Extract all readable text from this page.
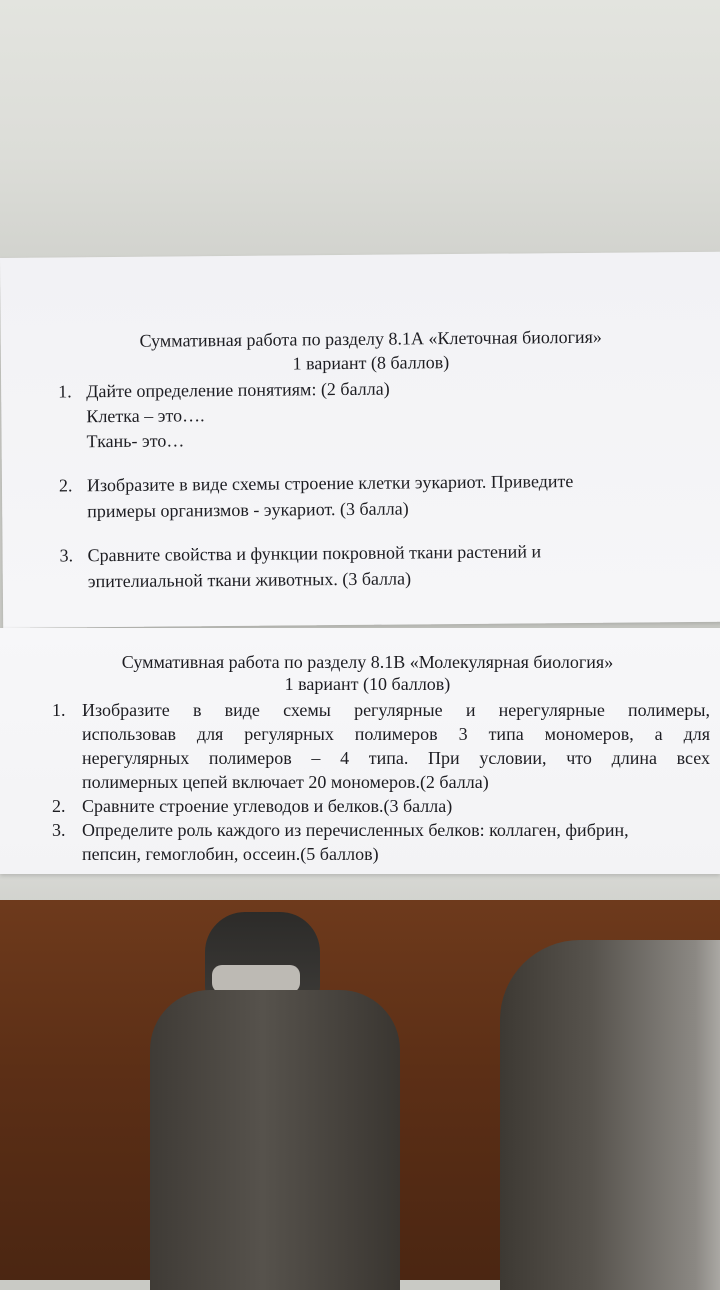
Суммативная работа по разделу 8.1А «Клеточная биология»
1 вариант (8 баллов)
1. Дайте определение понятиям: (2 балла)
Клетка – это….
Ткань- это…
2. Изобразите в виде схемы строение клетки эукариот. Приведите
примеры организмов - эукариот. (3 балла)
3. Сравните свойства и функции покровной ткани растений и
эпителиальной ткани животных. (3 балла)
Суммативная работа по разделу 8.1В «Молекулярная биология»
1 вариант (10 баллов)
1. Изобразите в виде схемы регулярные и нерегулярные полимеры,
использовав для регулярных полимеров 3 типа мономеров, а для
нерегулярных полимеров – 4 типа. При условии, что длина всех
полимерных цепей включает 20 мономеров.(2 балла)
2. Сравните строение углеводов и белков.(3 балла)
3. Определите роль каждого из перечисленных белков: коллаген, фибрин,
пепсин, гемоглобин, оссеин.(5 баллов)
